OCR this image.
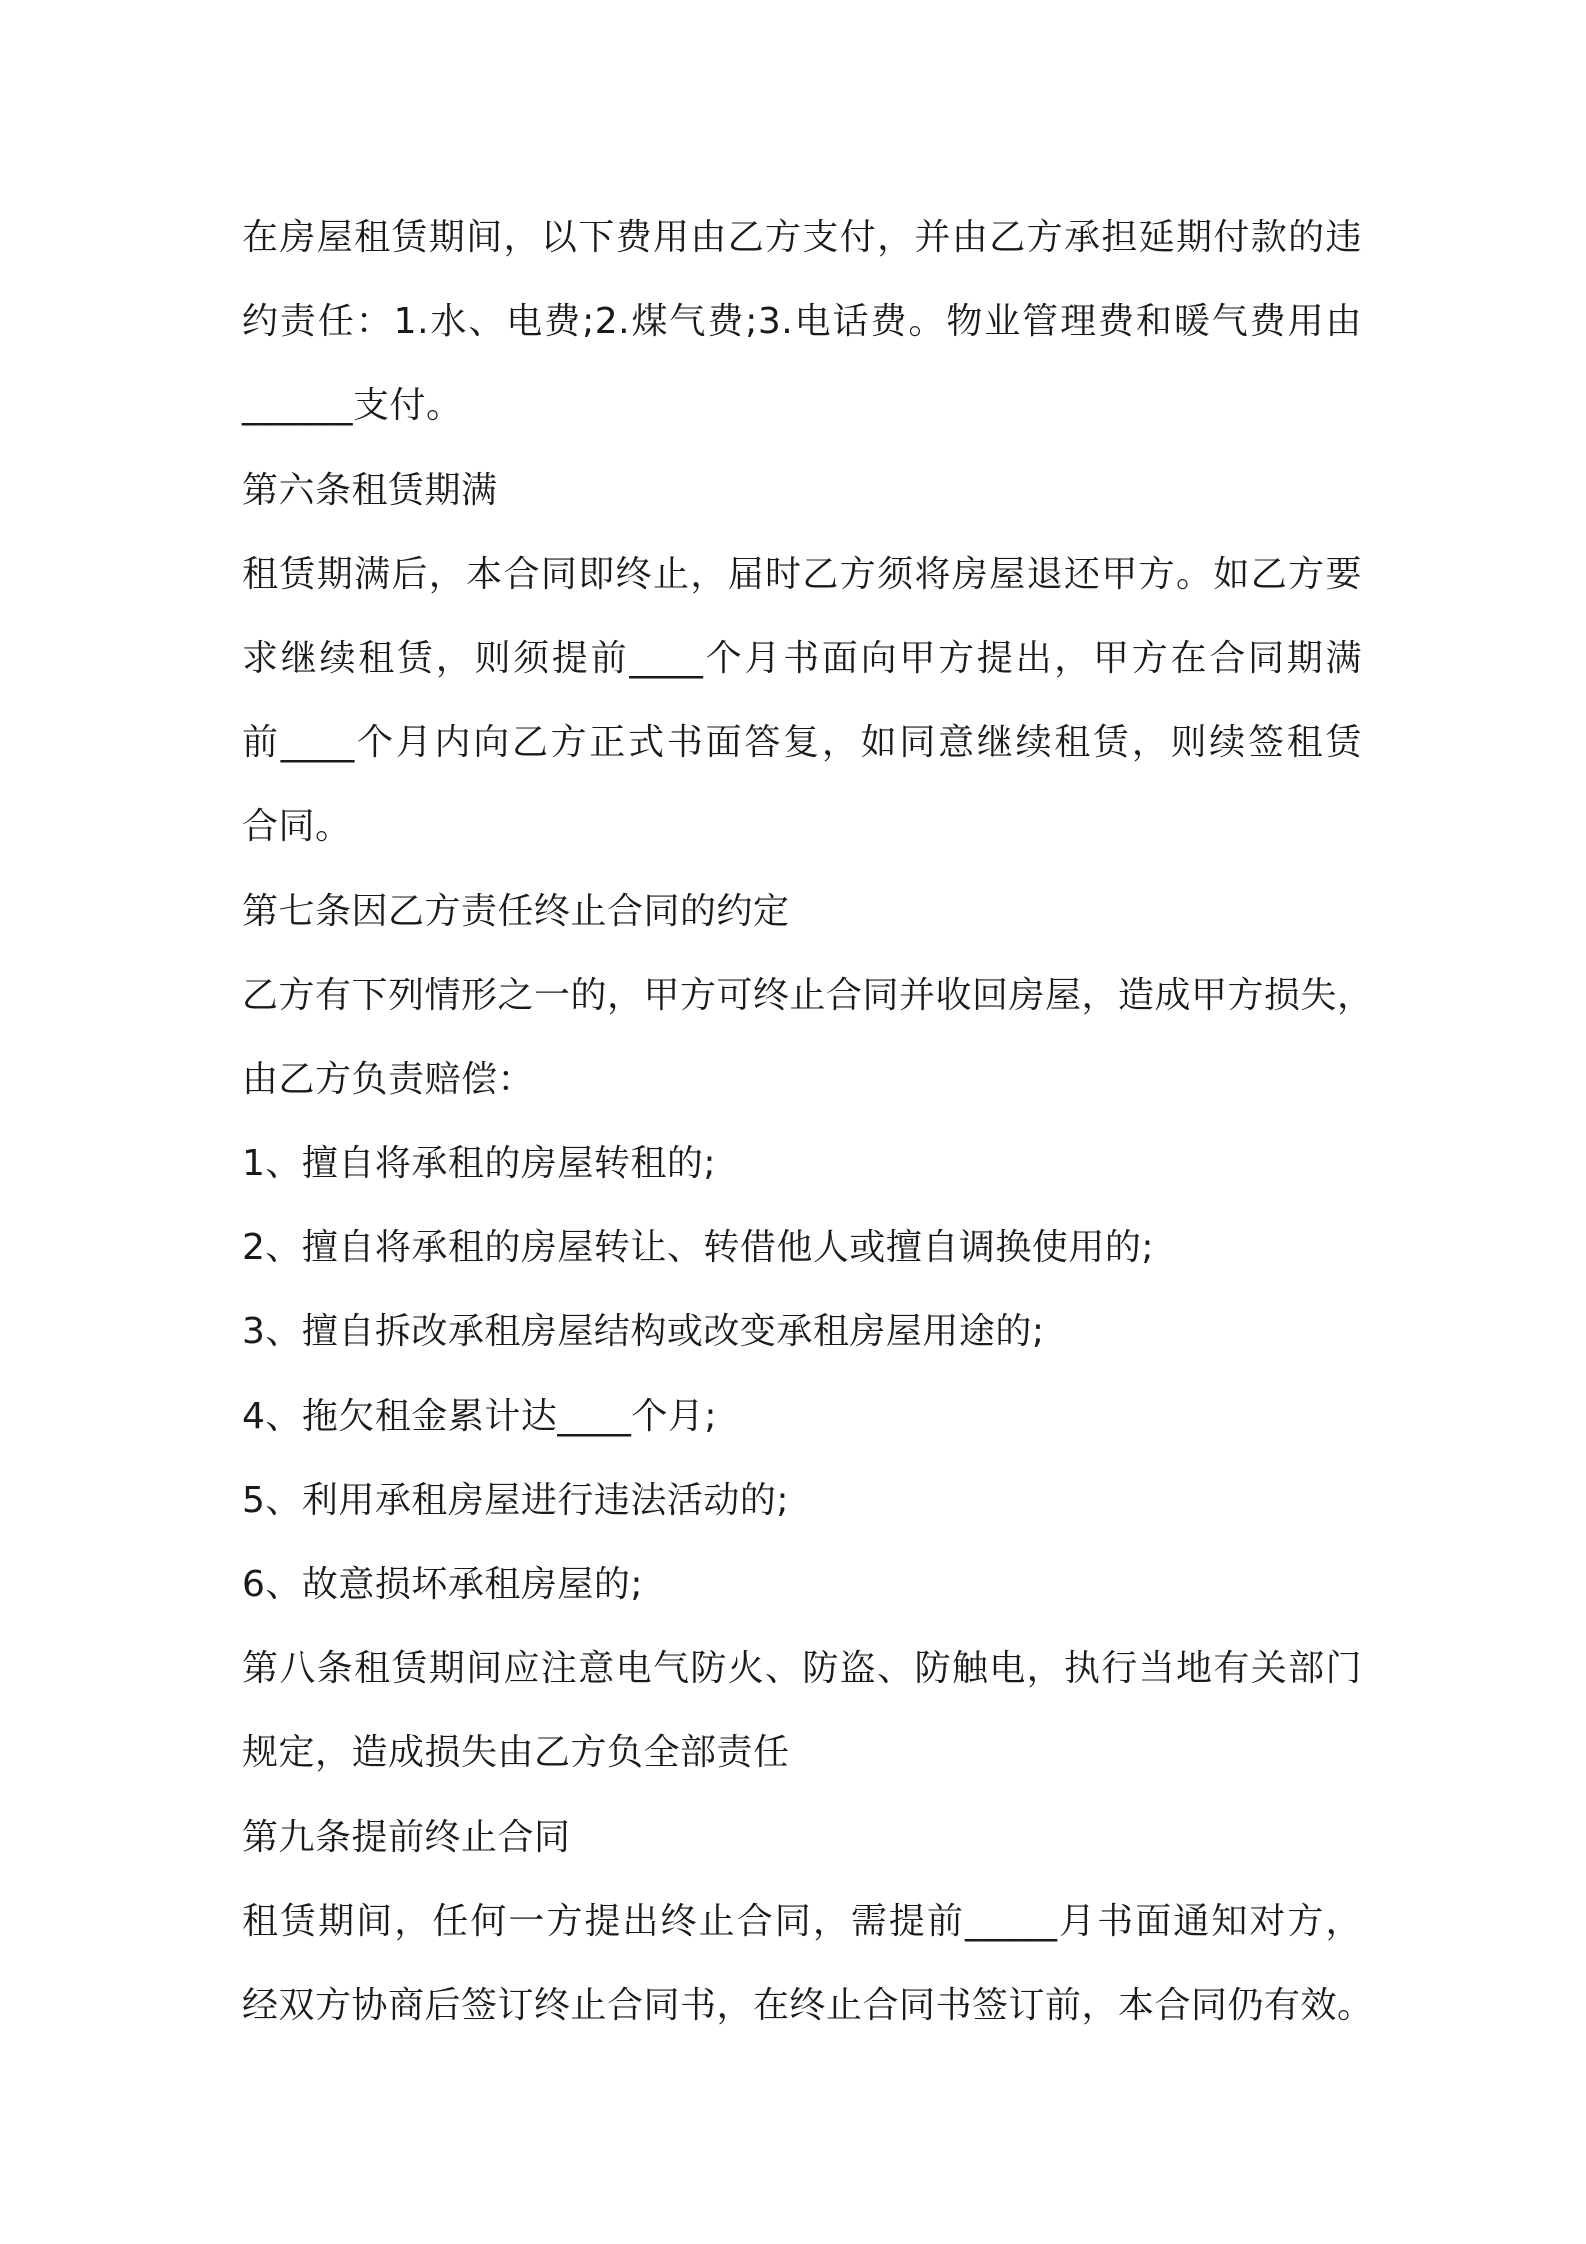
在房屋租赁期间，以下费用由乙方支付，并由乙方承担延期付款的违
约责任：1.水、电费;2.煤气费;3.电话费。物业管理费和暖气费用由
______支付。
第六条租赁期满
租赁期满后，本合同即终止，届时乙方须将房屋退还甲方。如乙方要
求继续租赁，则须提前____个月书面向甲方提出，甲方在合同期满
前____个月内向乙方正式书面答复，如同意继续租赁，则续签租赁
合同。
第七条因乙方责任终止合同的约定
乙方有下列情形之一的，甲方可终止合同并收回房屋，造成甲方损失，
由乙方负责赔偿：
1、擅自将承租的房屋转租的;
2、擅自将承租的房屋转让、转借他人或擅自调换使用的;
3、擅自拆改承租房屋结构或改变承租房屋用途的;
4、拖欠租金累计达____个月;
5、利用承租房屋进行违法活动的;
6、故意损坏承租房屋的;
第八条租赁期间应注意电气防火、防盗、防触电，执行当地有关部门
规定，造成损失由乙方负全部责任
第九条提前终止合同
租赁期间，任何一方提出终止合同，需提前_____月书面通知对方，
经双方协商后签订终止合同书，在终止合同书签订前，本合同仍有效。
